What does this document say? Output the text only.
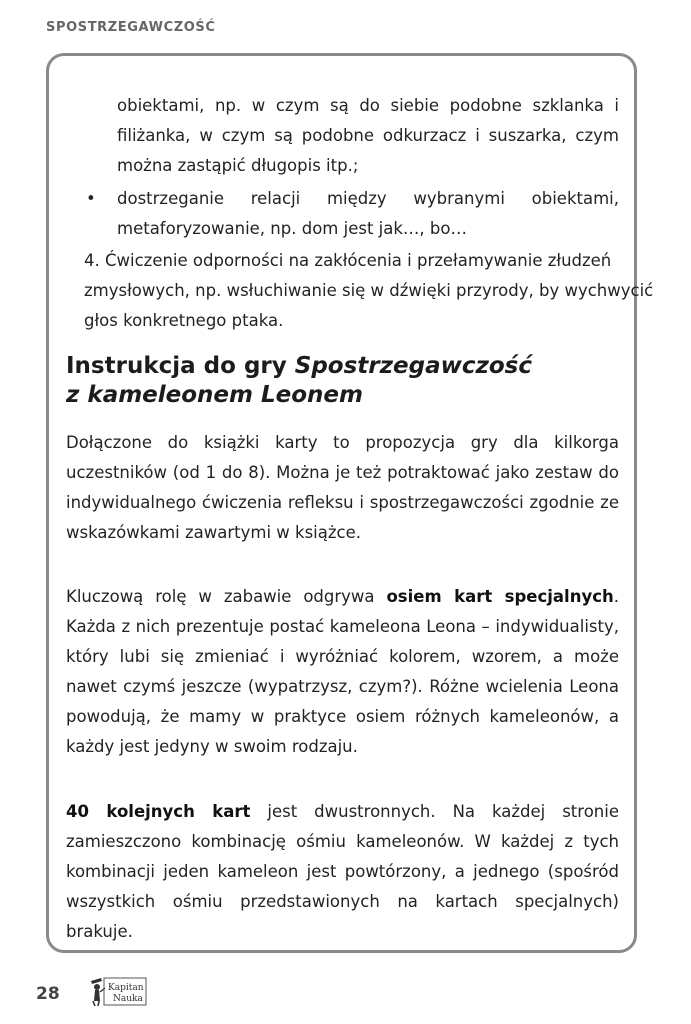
SPOSTRZEGAWCZOŚĆ

obiektami, np. w czym są do siebie podobne szklanka i filiżanka, w czym są podobne odkurzacz i suszarka, czym można zastąpić długopis itp.;

• dostrzeganie relacji między wybranymi obiektami, metaforyzowanie, np. dom jest jak…, bo…

4. Ćwiczenie odporności na zakłócenia i przełamywanie złudzeń
zmysłowych, np. wsłuchiwanie się w dźwięki przyrody, by wychwycić
głos konkretnego ptaka.
Instrukcja do gry Spostrzegawczość
z kameleonem Leonem

Dołączone do książki karty to propozycja gry dla kilkorga uczestników (od 1 do 8). Można je też potraktować jako zestaw do indywidualnego ćwiczenia refleksu i spostrzegawczości zgodnie ze wskazówkami zawartymi w książce.

Kluczową rolę w zabawie odgrywa osiem kart specjalnych. Każda z nich prezentuje postać kameleona Leona – indywidualisty, który lubi się zmieniać i wyróżniać kolorem, wzorem, a może nawet czymś jeszcze (wypatrzysz, czym?). Różne wcielenia Leona powodują, że mamy w praktyce osiem różnych kameleonów, a każdy jest jedyny w swoim rodzaju.

40 kolejnych kart jest dwustronnych. Na każdej stronie zamieszczono kombinację ośmiu kameleonów. W każdej z tych kombinacji jeden kameleon jest powtórzony, a jednego (spośród wszystkich ośmiu przedstawionych na kartach specjalnych) brakuje.

28	Kapitan
Nauka
